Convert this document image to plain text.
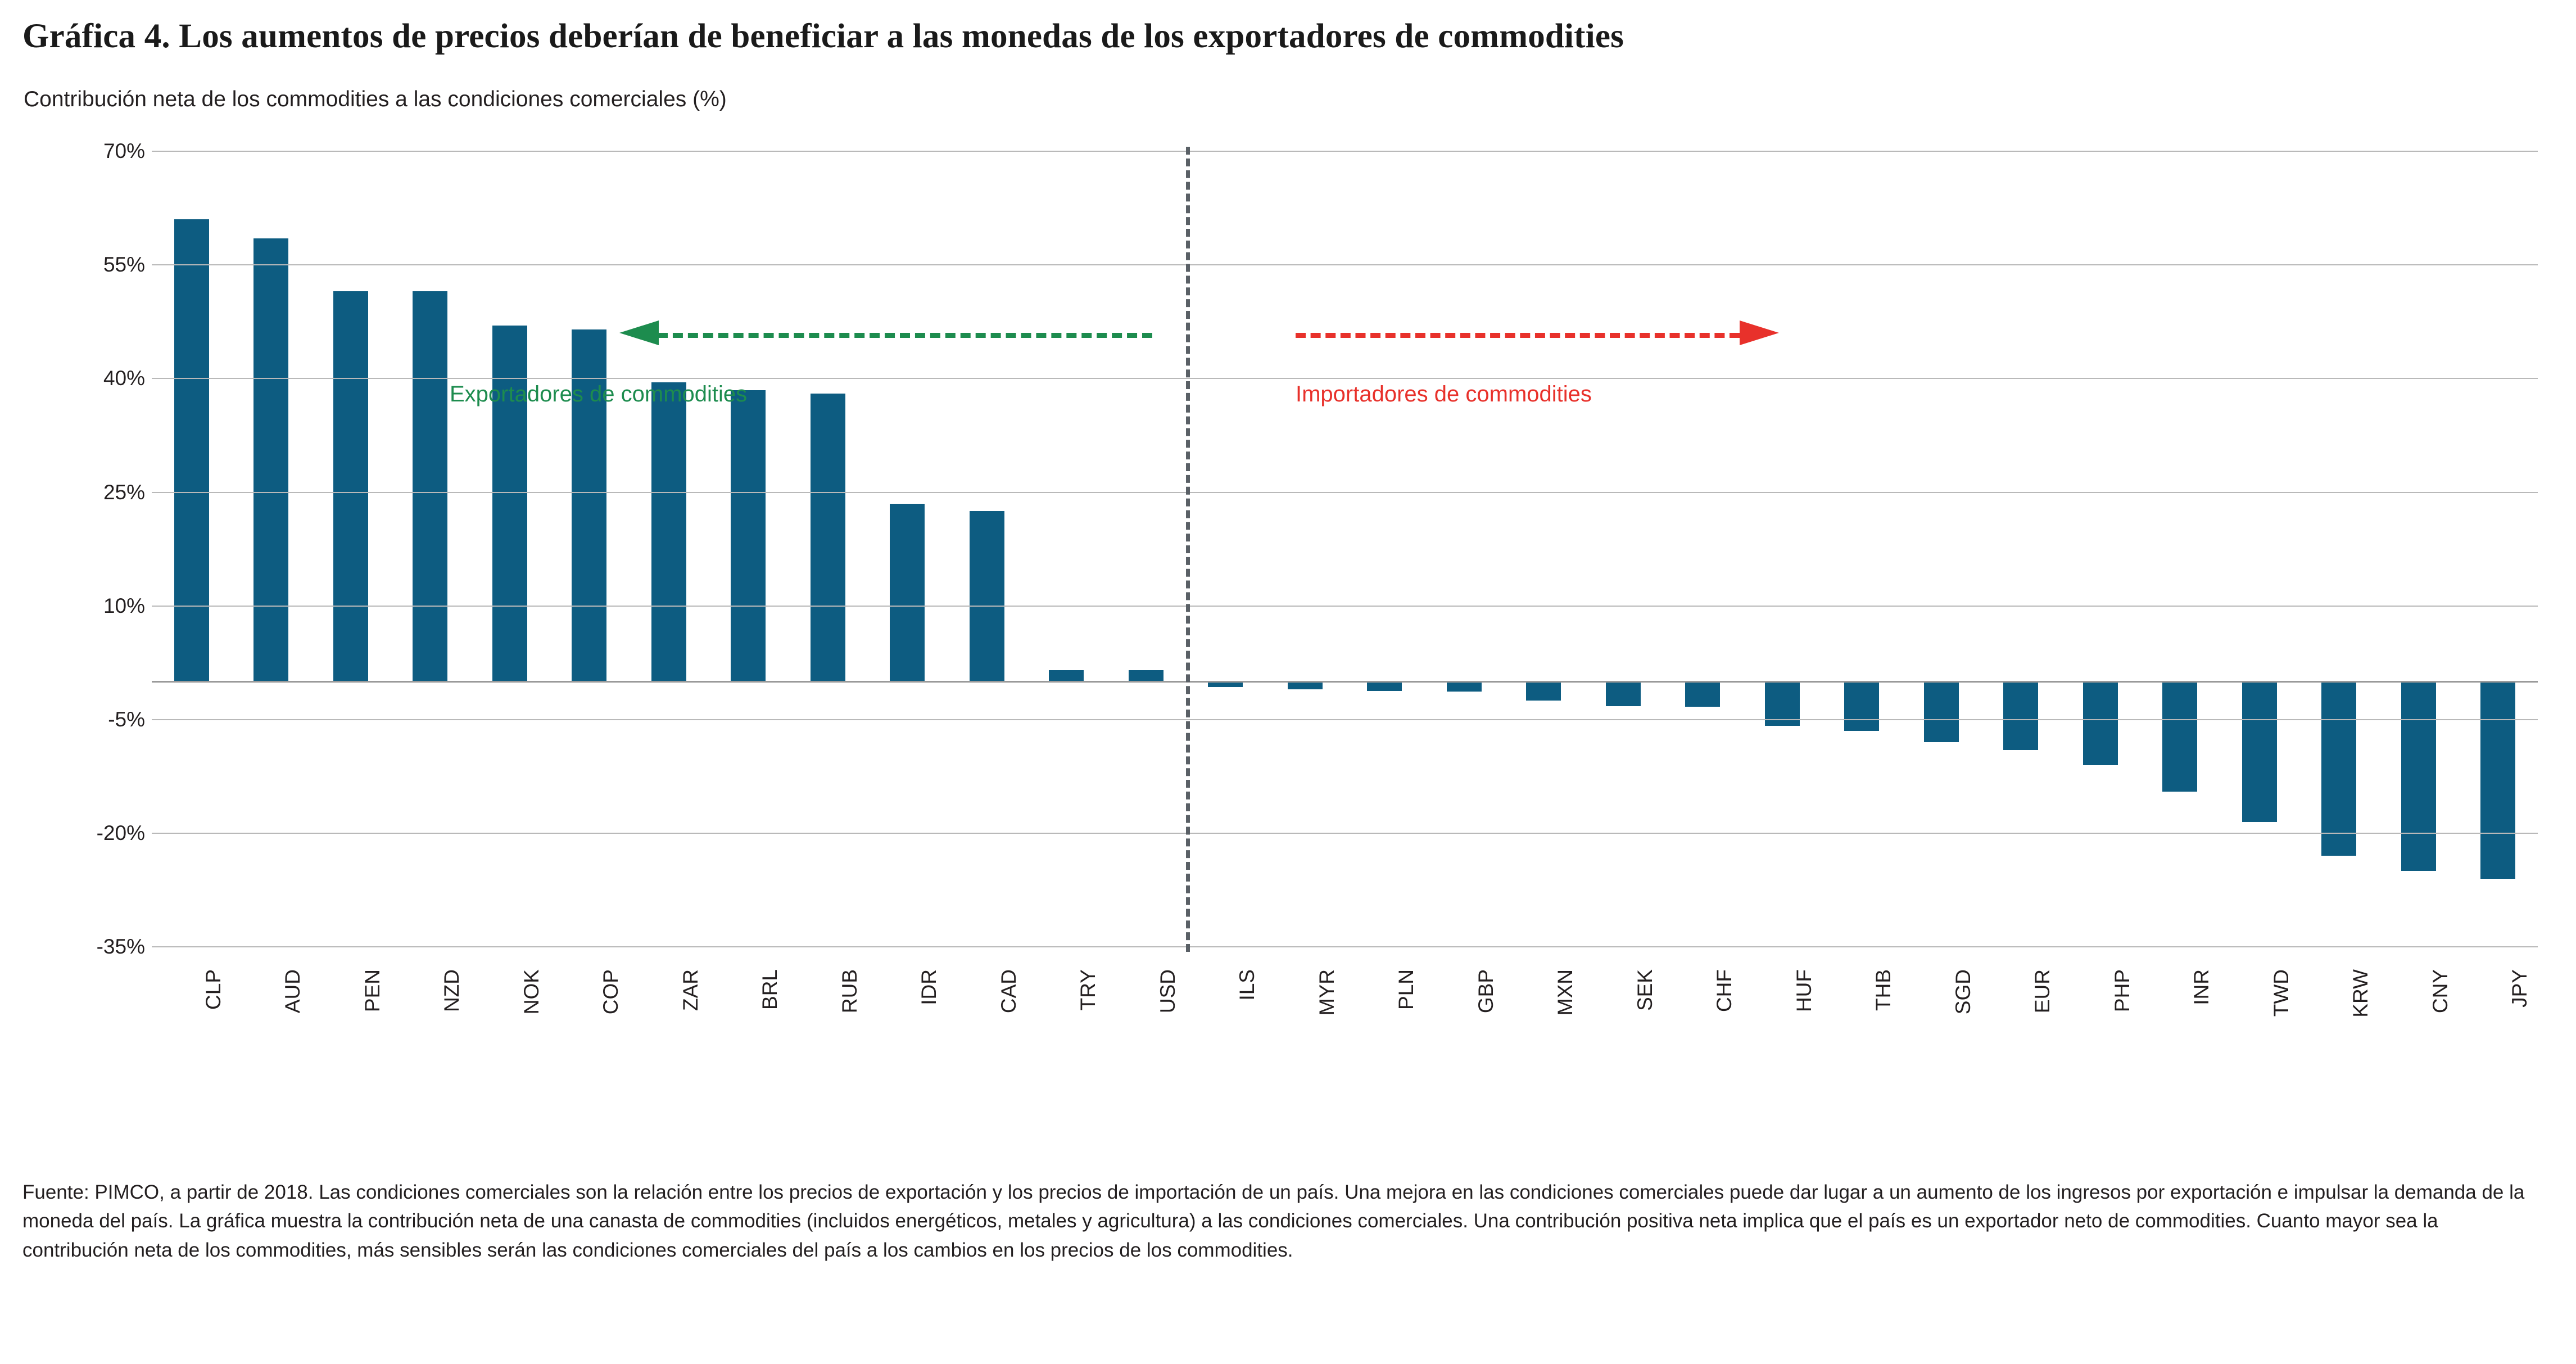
Gráfica 4. Los aumentos de precios deberían de beneficiar a las monedas de los exportadores de commodities
Contribución neta de los commodities a las condiciones comerciales (%)
70%
55%
40%
25%
10%
-5%
-20%
-35%
CLP	AUD	PEN	NZD	NOK	COP	ZAR	BRL	RUB	IDR	CAD	TRY	USD	ILS	MYR	PLN	GBP	MXN	SEK	CHF	HUF	THB	SGD	EUR	PHP	INR	TWD	KRW	CNY	JPY
Exportadores de commodities	Importadores de commodities
Fuente: PIMCO, a partir de 2018. Las condiciones comerciales son la relación entre los precios de exportación y los precios de importación de un país. Una mejora en las condiciones comerciales puede dar lugar a un aumento de los ingresos por exportación e impulsar la demanda de la moneda del país. La gráfica muestra la contribución neta de una canasta de commodities (incluidos energéticos, metales y agricultura) a las condiciones comerciales. Una contribución positiva neta implica que el país es un exportador neto de commodities. Cuanto mayor sea la contribución neta de los commodities, más sensibles serán las condiciones comerciales del país a los cambios en los precios de los commodities.
